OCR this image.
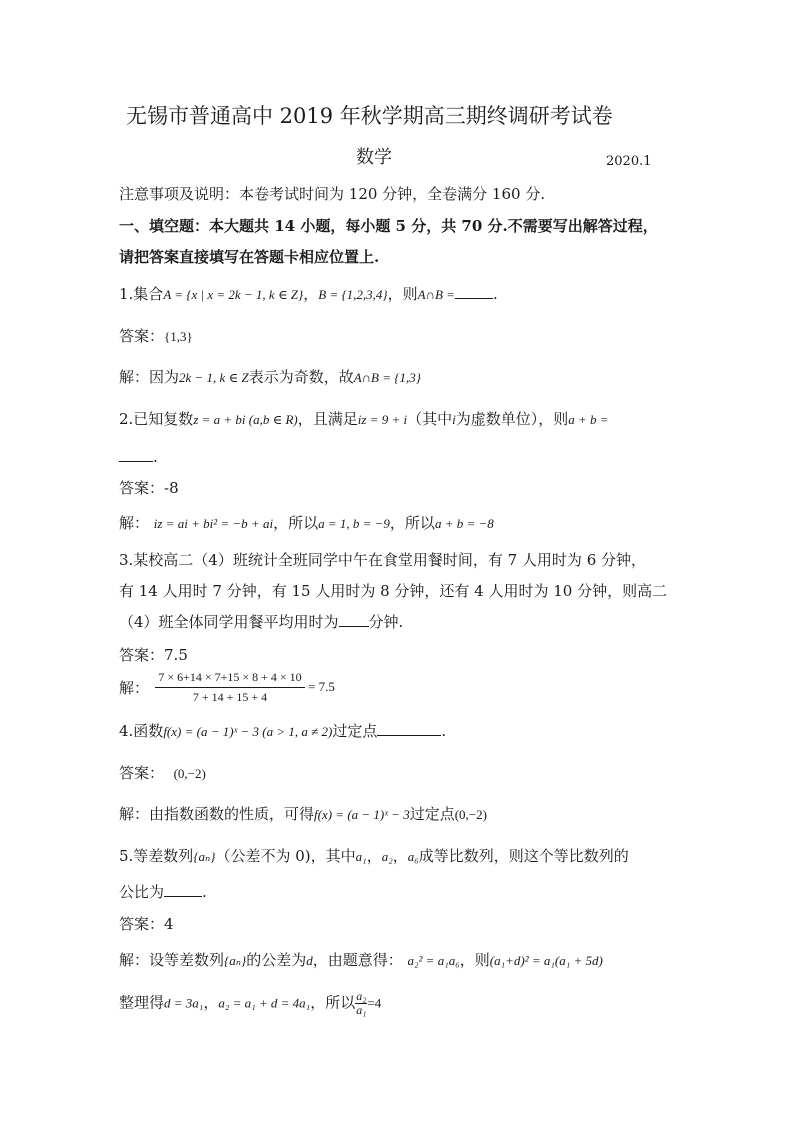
无锡市普通高中 2019 年秋学期高三期终调研考试卷
数学	2020.1
注意事项及说明：本卷考试时间为 120 分钟，全卷满分 160 分.
一、填空题：本大题共 14 小题，每小题 5 分，共 70 分.不需要写出解答过程，
请把答案直接填写在答题卡相应位置上.
1.集合A = {x | x = 2k − 1, k ∈ Z}，B = {1,2,3,4}，则A∩B =	.
答案：{1,3}
解：因为2k − 1, k ∈ Z表示为奇数，故A∩B = {1,3}
2.已知复数z = a + bi (a,b ∈ R)，且满足iz = 9 + i（其中i为虚数单位），则a + b =
.
答案：-8
解： iz = ai + bi² = −b + ai，所以a = 1, b = −9，所以a + b = −8
3.某校高二（4）班统计全班同学中午在食堂用餐时间，有 7 人用时为 6 分钟，
有 14 人用时 7 分钟，有 15 人用时为 8 分钟，还有 4 人用时为 10 分钟，则高二
（4）班全体同学用餐平均用时为 分钟.
答案：7.5
解：
7 × 6+14 × 7+15 × 8 + 4 × 10
7 + 14 + 15 + 4
= 7.5
4.函数f(x) = (a − 1)ˣ − 3 (a > 1, a ≠ 2)过定点	.
答案： (0,−2)
解：由指数函数的性质，可得f(x) = (a − 1)ˣ − 3过定点(0,−2)
5.等差数列{aₙ}（公差不为 0)，其中a₁，a₂，a₆成等比数列，则这个等比数列的
公比为	.
答案：4
解：设等差数列{aₙ}的公差为d，由题意得： a₂² = a₁a₆，则(a₁+d)² = a₁(a₁ + 5d)
整理得d = 3a₁，a₂ = a₁ + d = 4a₁，所以 $\frac{\text{a₂}}{\text{a₁}} =4$
